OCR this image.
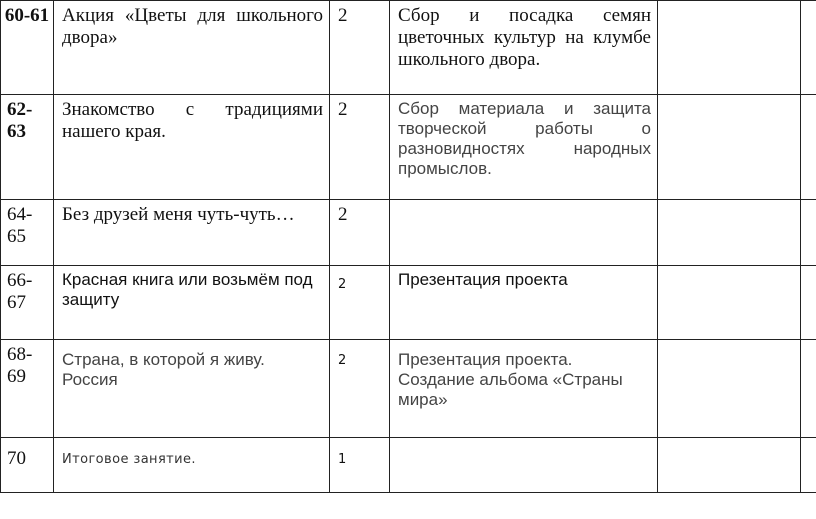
60-61	Акция «Цветы для школьного двора»	2	Сбор и посадка семян цветочных культур на клумбе школьного двора.		
62-63	Знакомство с традициями нашего края.	2	Сбор материала и защита творческой работы о разновидностях народных промыслов.		
64-65	Без друзей меня чуть-чуть…	2			
66-67	Красная книга или возьмём под защиту	2	Презентация проекта		
68-69	Страна, в которой я живу. Россия	2	Презентация проекта. Создание альбома «Страны мира»		
70	Итоговое занятие.	1			
